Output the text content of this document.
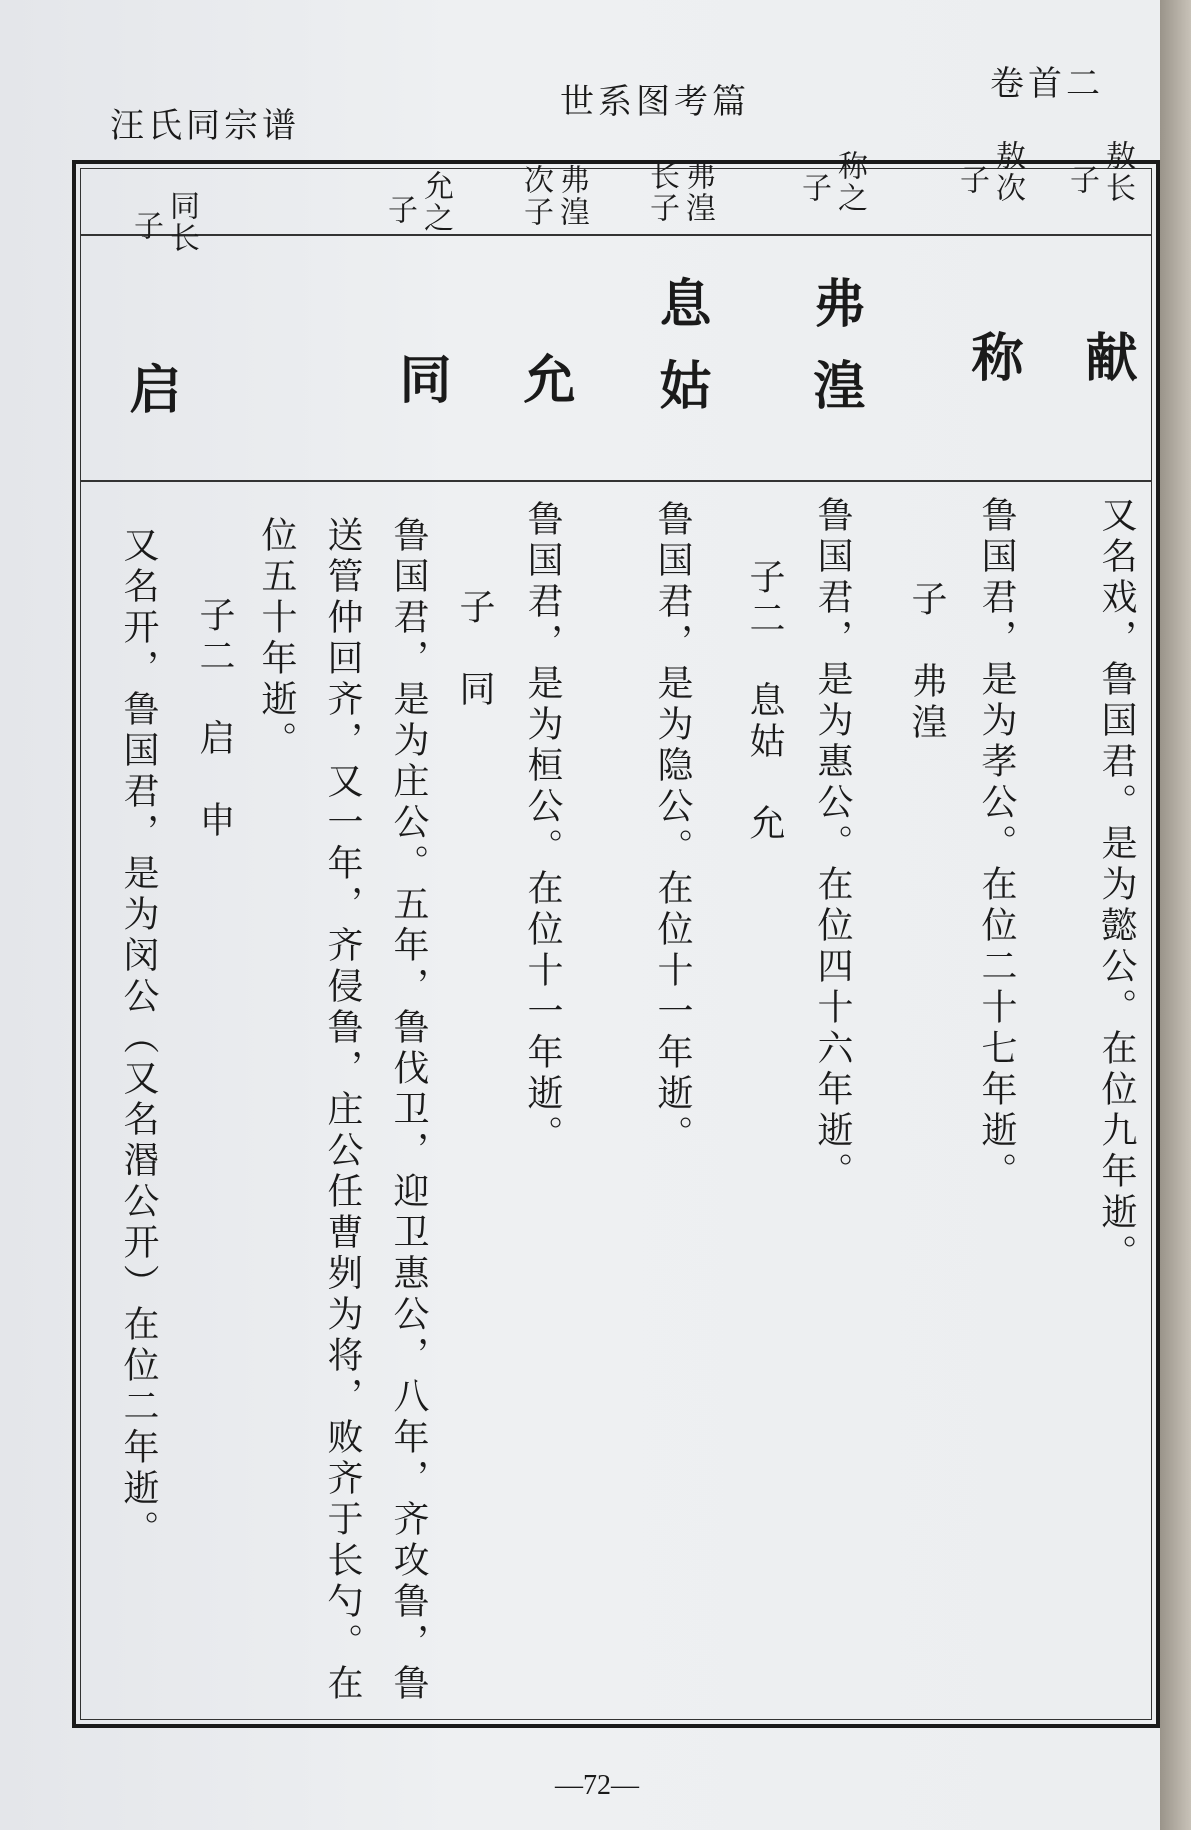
汪氏同宗谱
世系图考篇	卷首二
敖长
子
敖次
子
称之
子
弗湟
长子
弗湟
次子
允之
子
同长
子
献
称
弗湟
息姑
允
同
启
又名戏，鲁国君。是为懿公。在位九年逝。
鲁国君，是为孝公。在位二十七年逝。
子　弗湟
鲁国君，是为惠公。在位四十六年逝。
子二　息姑　允
鲁国君，是为隐公。在位十一年逝。
鲁国君，是为桓公。在位十一年逝。
子　同
鲁国君，是为庄公。五年，鲁伐卫，迎卫惠公，八年，齐攻鲁，鲁
送管仲回齐，又一年，齐侵鲁，庄公任曹刿为将，败齐于长勺。在
位五十年逝。
子二　启　申
又名开，鲁国君，是为闵公（又名湣公开）在位二年逝。
—72—
